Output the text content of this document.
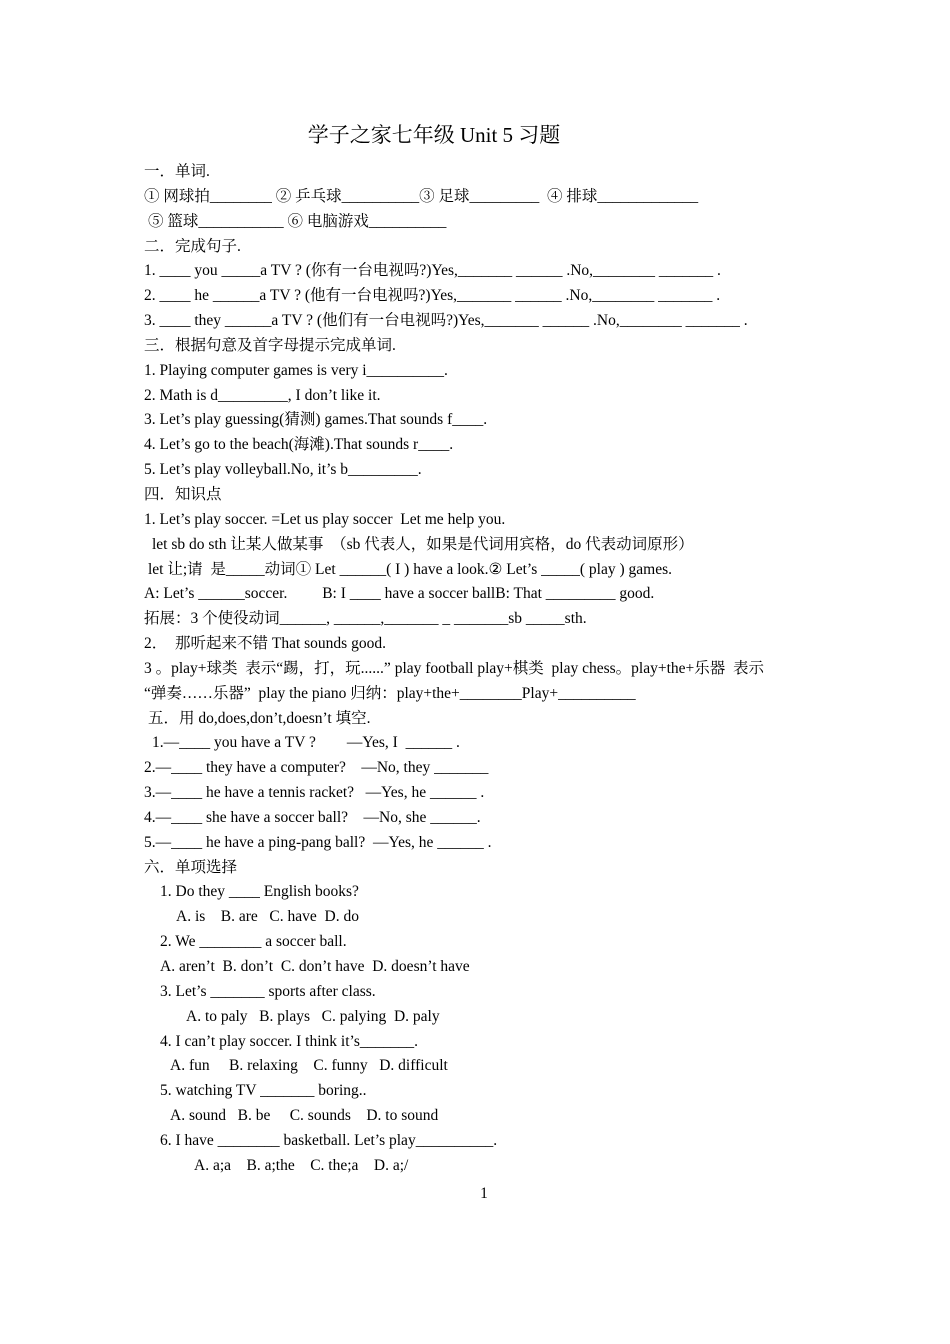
学子之家七年级 Unit 5 习题
一．单词.
① 网球拍________ ② 乒乓球__________③ 足球_________  ④ 排球_____________
⑤ 篮球___________ ⑥ 电脑游戏__________
二．完成句子.
1. ____ you _____a TV ? (你有一台电视吗?)Yes,_______ ______ .No,________ _______ .
2. ____ he ______a TV ? (他有一台电视吗?)Yes,_______ ______ .No,________ _______ .
3. ____ they ______a TV ? (他们有一台电视吗?)Yes,_______ ______ .No,________ _______ .
三．根据句意及首字母提示完成单词.
1. Playing computer games is very i__________.
2. Math is d_________, I don’t like it.
3. Let’s play guessing(猜测) games.That sounds f____.
4. Let’s go to the beach(海滩).That sounds r____.
5. Let’s play volleyball.No, it’s b_________.
四．知识点
1. Let’s play soccer. =Let us play soccer  Let me help you.
let sb do sth 让某人做某事  （sb 代表人，如果是代词用宾格，do 代表动词原形）
let 让;请  是_____动词① Let ______( I ) have a look.② Let’s _____( play ) games.
A: Let’s ______soccer.         B: I ____ have a soccer ballB: That _________ good.
拓展：3 个使役动词______, ______,_______ _ _______sb _____sth.
2．  那听起来不错 That sounds good.
3 。play+球类  表示“踢，打，玩......” play football play+棋类  play chess。play+the+乐器  表示
“弹奏……乐器”  play the piano 归纳：play+the+________Play+__________
五．用 do,does,don’t,doesn’t 填空.
1.—____ you have a TV ?        —Yes, I  ______ .
2.—____ they have a computer?    —No, they _______
3.—____ he have a tennis racket?   —Yes, he ______ .
4.—____ she have a soccer ball?    —No, she ______.
5.—____ he have a ping-pang ball?  —Yes, he ______ .
六．单项选择
1. Do they ____ English books?
A. is    B. are   C. have  D. do
2. We ________ a soccer ball.
A. aren’t  B. don’t  C. don’t have  D. doesn’t have
3. Let’s _______ sports after class.
A. to paly   B. plays   C. palying  D. paly
4. I can’t play soccer. I think it’s_______.
A. fun     B. relaxing    C. funny   D. difficult
5. watching TV _______ boring..
A. sound   B. be     C. sounds    D. to sound
6. I have ________ basketball. Let’s play__________.
A. a;a    B. a;the    C. the;a    D. a;/
1
